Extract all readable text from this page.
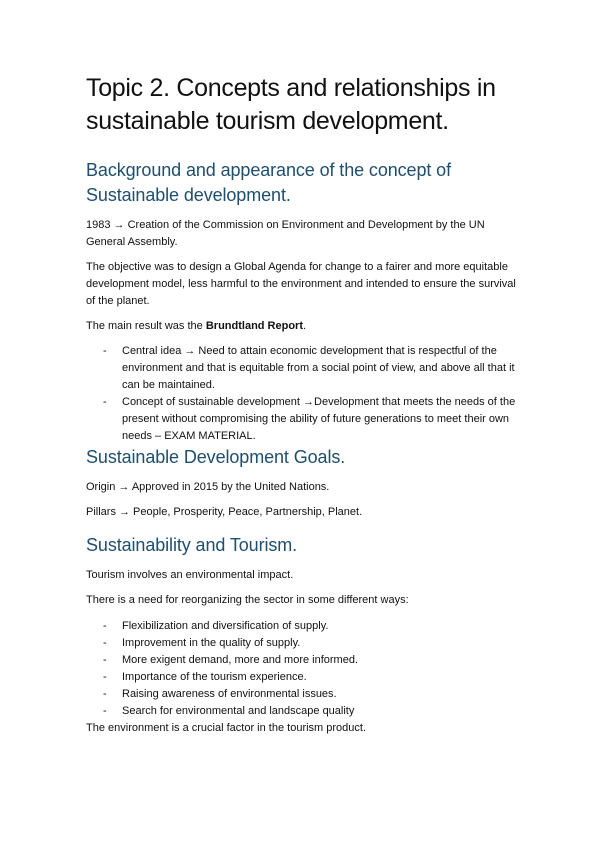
Topic 2. Concepts and relationships in sustainable tourism development.
Background and appearance of the concept of Sustainable development.

1983 → Creation of the Commission on Environment and Development by the UN General Assembly.

The objective was to design a Global Agenda for change to a fairer and more equitable development model, less harmful to the environment and intended to ensure the survival of the planet.

The main result was the Brundtland Report.

- Central idea → Need to attain economic development that is respectful of the environment and that is equitable from a social point of view, and above all that it can be maintained.
- Concept of sustainable development →Development that meets the needs of the present without compromising the ability of future generations to meet their own needs – EXAM MATERIAL.
Sustainable Development Goals.

Origin → Approved in 2015 by the United Nations.

Pillars → People, Prosperity, Peace, Partnership, Planet.

Sustainability and Tourism.

Tourism involves an environmental impact.

There is a need for reorganizing the sector in some different ways:

- Flexibilization and diversification of supply.
- Improvement in the quality of supply.
- More exigent demand, more and more informed.
- Importance of the tourism experience.
- Raising awareness of environmental issues.
- Search for environmental and landscape quality

The environment is a crucial factor in the tourism product.
